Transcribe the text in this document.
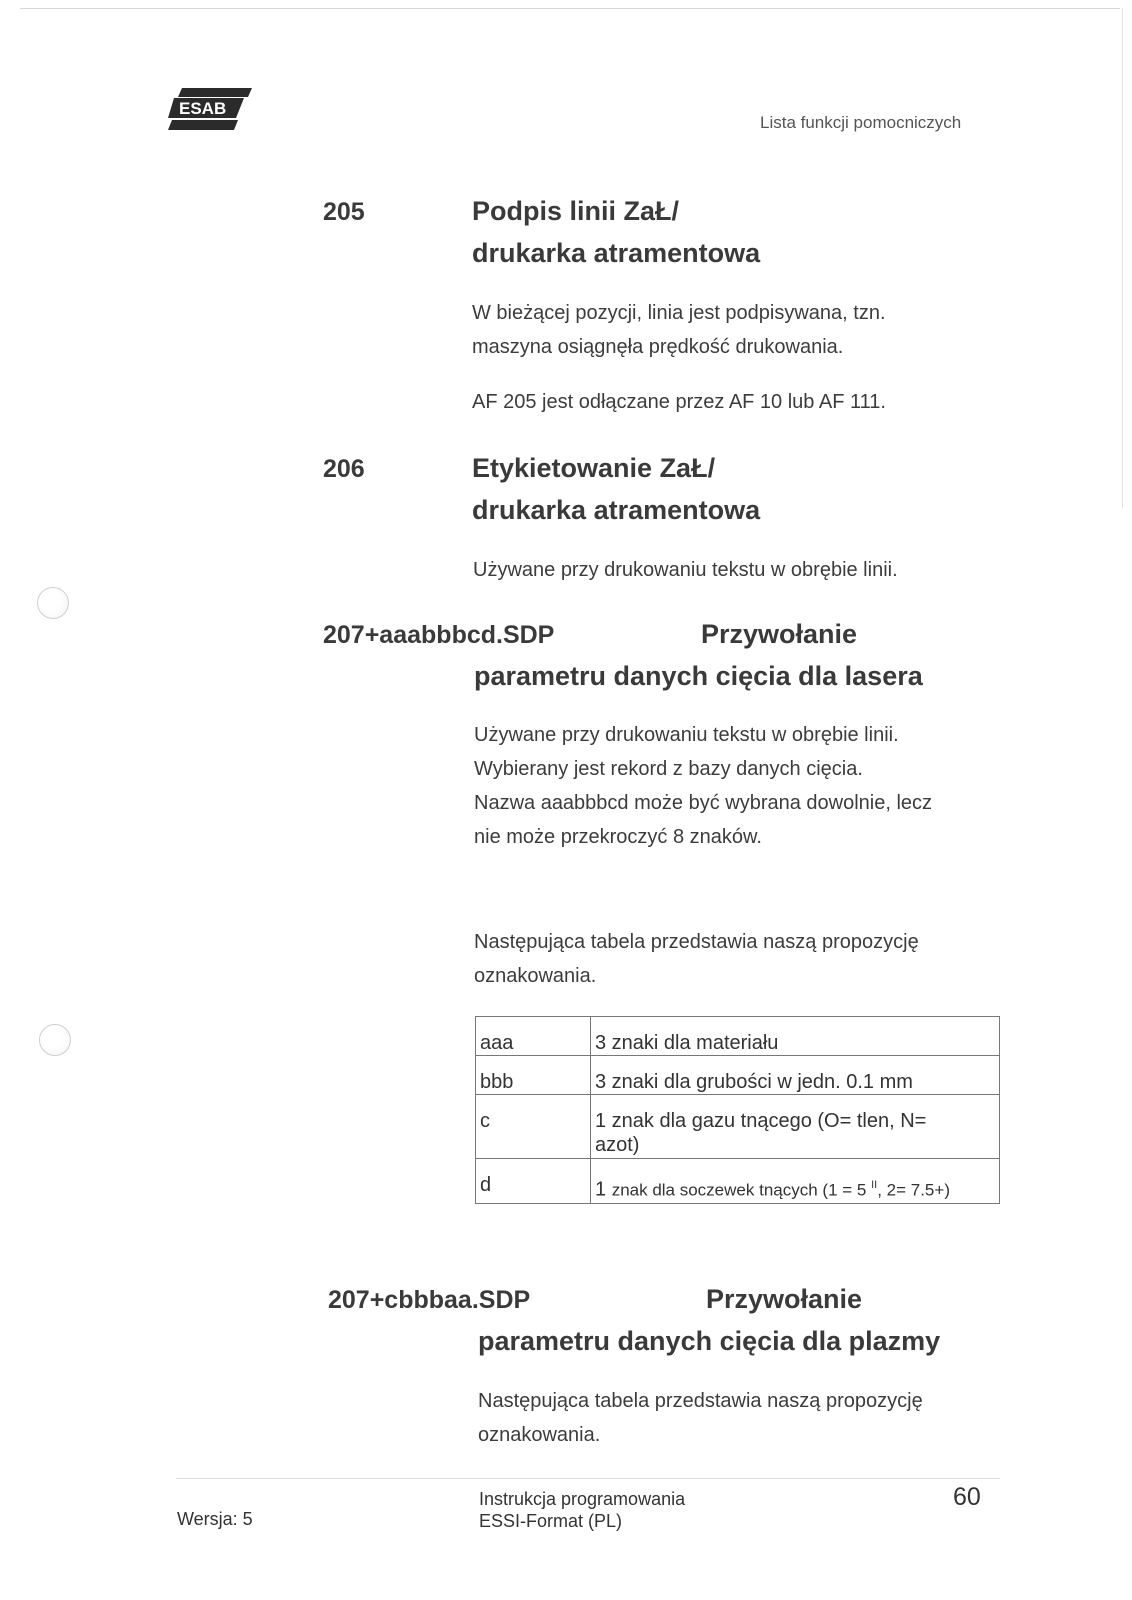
ESAB
Lista funkcji pomocniczych
205	Podpis linii ZaŁ/
drukarka atramentowa
W bieżącej pozycji, linia jest podpisywana, tzn.
maszyna osiągnęła prędkość drukowania.
AF 205 jest odłączane przez AF 10 lub AF 111.
206	Etykietowanie ZaŁ/
drukarka atramentowa
Używane przy drukowaniu tekstu w obrębie linii.
207+aaabbbcd.SDP	Przywołanie
parametru danych cięcia dla lasera
Używane przy drukowaniu tekstu w obrębie linii.
Wybierany jest rekord z bazy danych cięcia.
Nazwa aaabbbcd może być wybrana dowolnie, lecz
nie może przekroczyć 8 znaków.
Następująca tabela przedstawia naszą propozycję
oznakowania.
aaa	3 znaki dla materiału
bbb	3 znaki dla grubości w jedn. 0.1 mm
c	1 znak dla gazu tnącego (O= tlen, N=
azot)

d	1 znak dla soczewek tnących (1 = 5 $^{II}$, 2= 7.5+)
207+cbbbaa.SDP	Przywołanie
parametru danych cięcia dla plazmy
Następująca tabela przedstawia naszą propozycję
oznakowania.
Wersja: 5
Instrukcja programowania
ESSI-Format (PL)
60
